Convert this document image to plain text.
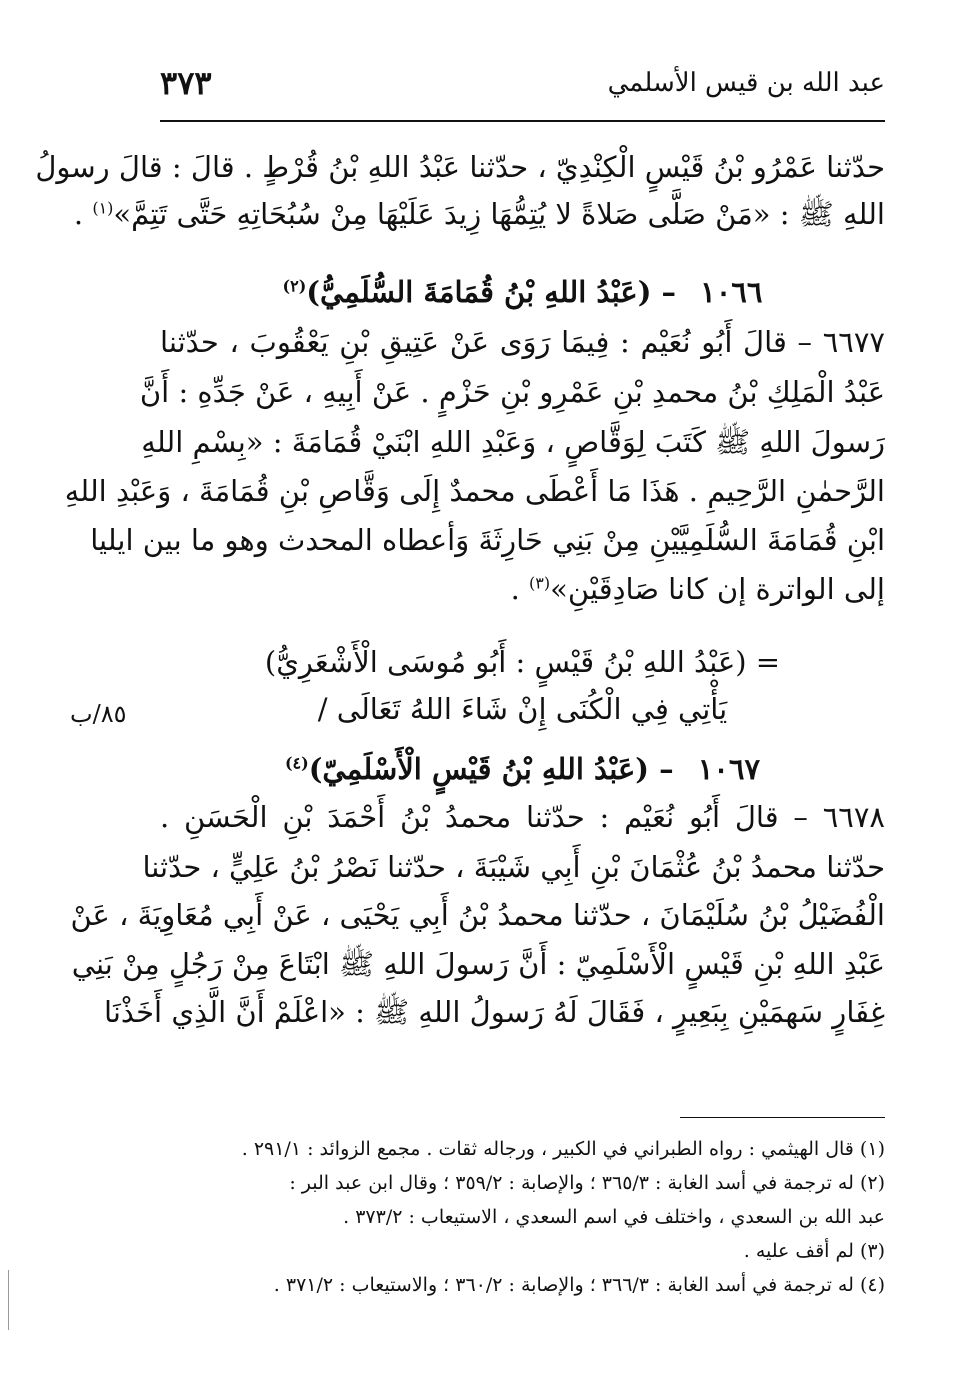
عبد الله بن قيس الأسلمي
٣٧٣
حدّثنا عَمْرُو بْنُ قَيْسٍ الْكِنْدِيّ ، حدّثنا عَبْدُ اللهِ بْنُ قُرْطٍ . قالَ : قالَ رسولُ
اللهِ ﷺ : «مَنْ صَلَّى صَلاةً لا يُتِمُّهَا زِيدَ عَلَيْهَا مِنْ سُبُحَاتِهِ حَتَّى تَتِمَّ»$^{(١)}$ .
١٠٦٦ – (عَبْدُ اللهِ بْنُ قُمَامَةَ السُّلَمِيُّ)$^{(٢)}$
٦٦٧٧ – قالَ أَبُو نُعَيْم : فِيمَا رَوَى عَنْ عَتِيقِ بْنِ يَعْقُوبَ ، حدّثنا
عَبْدُ الْمَلِكِ بْنُ محمدِ بْنِ عَمْرِو بْنِ حَزْمٍ . عَنْ أَبِيهِ ، عَنْ جَدِّهِ : أَنَّ
رَسولَ اللهِ ﷺ كَتَبَ لِوَقَّاصٍ ، وَعَبْدِ اللهِ ابْنَيْ قُمَامَةَ : «بِسْمِ اللهِ
الرَّحمٰنِ الرَّحِيمِ . هَذَا مَا أَعْطَى محمدٌ إِلَى وَقَّاصِ بْنِ قُمَامَةَ ، وَعَبْدِ اللهِ
ابْنِ قُمَامَةَ السُّلَمِيَّيْنِ مِنْ بَنِي حَارِثَةَ وَأعطاه المحدث وهو ما بين ايليا
إلى الواترة إن كانا صَادِقَيْنِ»$^{(٣)}$ .
= (عَبْدُ اللهِ بْنُ قَيْسٍ : أَبُو مُوسَى الْأَشْعَرِيُّ)
يَأْتِي فِي الْكُنَى إِنْ شَاءَ اللهُ تَعَالَى /
٨٥/ب
١٠٦٧ – (عَبْدُ اللهِ بْنُ قَيْسٍ الْأَسْلَمِيّ)$^{(٤)}$
٦٦٧٨ – قالَ أَبُو نُعَيْم : حدّثنا محمدُ بْنُ أَحْمَدَ بْنِ الْحَسَنِ .
حدّثنا محمدُ بْنُ عُثْمَانَ بْنِ أَبِي شَيْبَةَ ، حدّثنا نَصْرُ بْنُ عَلِيٍّ ، حدّثنا
الْفُضَيْلُ بْنُ سُلَيْمَانَ ، حدّثنا محمدُ بْنُ أَبِي يَحْيَى ، عَنْ أَبِي مُعَاوِيَةَ ، عَنْ
عَبْدِ اللهِ بْنِ قَيْسٍ الْأَسْلَمِيّ : أَنَّ رَسولَ اللهِ ﷺ ابْتَاعَ مِنْ رَجُلٍ مِنْ بَنِي
غِفَارٍ سَهمَيْنِ بِبَعِيرٍ ، فَقَالَ لَهُ رَسولُ اللهِ ﷺ : «اعْلَمْ أَنَّ الَّذِي أَخَذْنَا
(١) قال الهيثمي : رواه الطبراني في الكبير ، ورجاله ثقات . مجمع الزوائد : ٢٩١/١ .
(٢) له ترجمة في أسد الغابة : ٣٦٥/٣ ؛ والإصابة : ٣٥٩/٢ ؛ وقال ابن عبد البر :
عبد الله بن السعدي ، واختلف في اسم السعدي ، الاستيعاب : ٣٧٣/٢ .
(٣) لم أقف عليه .
(٤) له ترجمة في أسد الغابة : ٣٦٦/٣ ؛ والإصابة : ٣٦٠/٢ ؛ والاستيعاب : ٣٧١/٢ .
